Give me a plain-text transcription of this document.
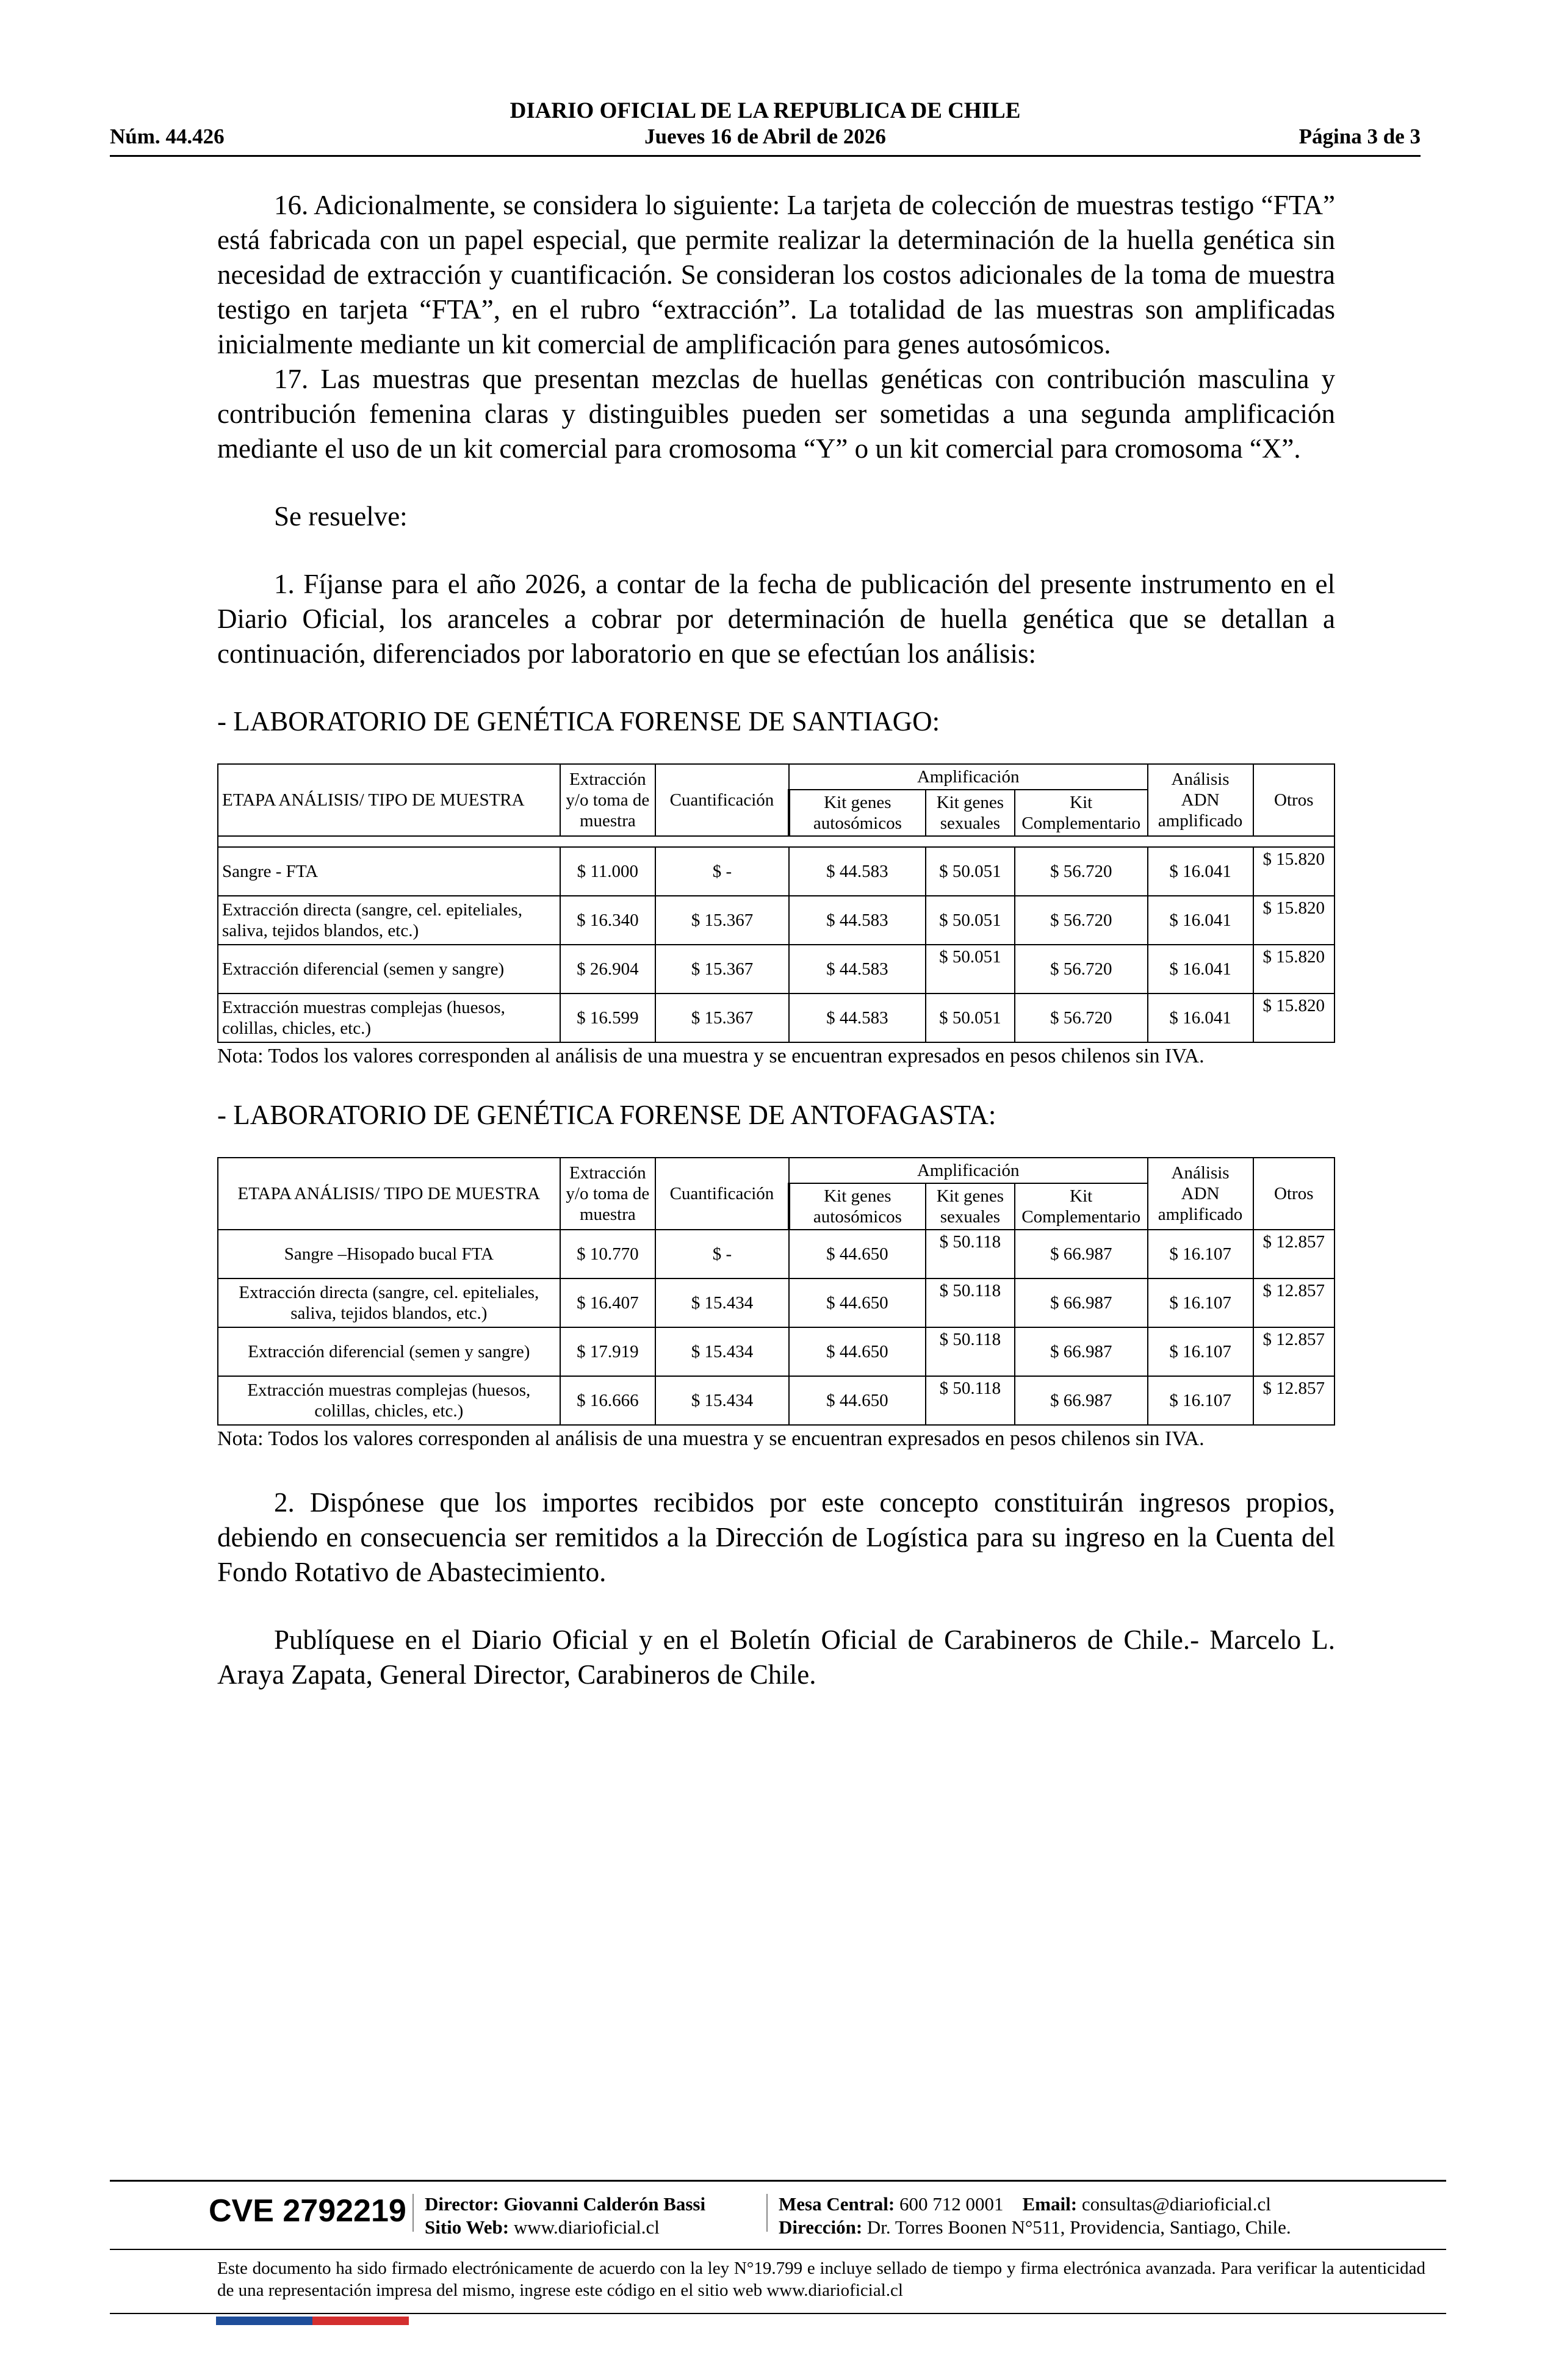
DIARIO OFICIAL DE LA REPUBLICA DE CHILE
Núm. 44.426	Jueves 16 de Abril de 2026	Página 3 de 3

16. Adicionalmente, se considera lo siguiente: La tarjeta de colección de muestras testigo “FTA” está fabricada con un papel especial, que permite realizar la determinación de la huella genética sin necesidad de extracción y cuantificación. Se consideran los costos adicionales de la toma de muestra testigo en tarjeta “FTA”, en el rubro “extracción”. La totalidad de las muestras son amplificadas inicialmente mediante un kit comercial de amplificación para genes autosómicos.

17. Las muestras que presentan mezclas de huellas genéticas con contribución masculina y contribución femenina claras y distinguibles pueden ser sometidas a una segunda amplificación mediante el uso de un kit comercial para cromosoma “Y” o un kit comercial para cromosoma “X”.

Se resuelve:

1. Fíjanse para el año 2026, a contar de la fecha de publicación del presente instrumento en el Diario Oficial, los aranceles a cobrar por determinación de huella genética que se detallan a continuación, diferenciados por laboratorio en que se efectúan los análisis:

- LABORATORIO DE GENÉTICA FORENSE DE SANTIAGO:

ETAPA ANÁLISIS/ TIPO DE MUESTRA	Extracción y/o toma de muestra	Cuantificación	Amplificación			Análisis ADN amplificado	Otros
			Kit genes autosómicos	Kit genes sexuales	Kit Complementario		

Sangre - FTA	$ 11.000	$ -	$ 44.583	$ 50.051	$ 56.720	$ 16.041	$ 15.820
Extracción directa (sangre, cel. epiteliales, saliva, tejidos blandos, etc.)	$ 16.340	$ 15.367	$ 44.583	$ 50.051	$ 56.720	$ 16.041	$ 15.820
Extracción diferencial (semen y sangre)	$ 26.904	$ 15.367	$ 44.583	$ 50.051	$ 56.720	$ 16.041	$ 15.820
Extracción muestras complejas (huesos, colillas, chicles, etc.)	$ 16.599	$ 15.367	$ 44.583	$ 50.051	$ 56.720	$ 16.041	$ 15.820

Nota: Todos los valores corresponden al análisis de una muestra y se encuentran expresados en pesos chilenos sin IVA.

- LABORATORIO DE GENÉTICA FORENSE DE ANTOFAGASTA:

ETAPA ANÁLISIS/ TIPO DE MUESTRA	Extracción y/o toma de muestra	Cuantificación	Amplificación			Análisis ADN amplificado	Otros
			Kit genes autosómicos	Kit genes sexuales	Kit Complementario		
Sangre –Hisopado bucal FTA	$ 10.770	$ -	$ 44.650	$ 50.118	$ 66.987	$ 16.107	$ 12.857
Extracción directa (sangre, cel. epiteliales, saliva, tejidos blandos, etc.)	$ 16.407	$ 15.434	$ 44.650	$ 50.118	$ 66.987	$ 16.107	$ 12.857
Extracción diferencial (semen y sangre)	$ 17.919	$ 15.434	$ 44.650	$ 50.118	$ 66.987	$ 16.107	$ 12.857
Extracción muestras complejas (huesos, colillas, chicles, etc.)	$ 16.666	$ 15.434	$ 44.650	$ 50.118	$ 66.987	$ 16.107	$ 12.857

Nota: Todos los valores corresponden al análisis de una muestra y se encuentran expresados en pesos chilenos sin IVA.

2. Dispónese que los importes recibidos por este concepto constituirán ingresos propios, debiendo en consecuencia ser remitidos a la Dirección de Logística para su ingreso en la Cuenta del Fondo Rotativo de Abastecimiento.

Publíquese en el Diario Oficial y en el Boletín Oficial de Carabineros de Chile.- Marcelo L. Araya Zapata, General Director, Carabineros de Chile.

CVE 2792219 Director: Giovanni Calderón Bassi
Sitio Web: www.diarioficial.cl
Mesa Central: 600 712 0001 Email: consultas@diarioficial.cl
Dirección: Dr. Torres Boonen N°511, Providencia, Santiago, Chile.
Este documento ha sido firmado electrónicamente de acuerdo con la ley N°19.799 e incluye sellado de tiempo y firma electrónica avanzada. Para verificar la autenticidad de una representación impresa del mismo, ingrese este código en el sitio web www.diarioficial.cl
